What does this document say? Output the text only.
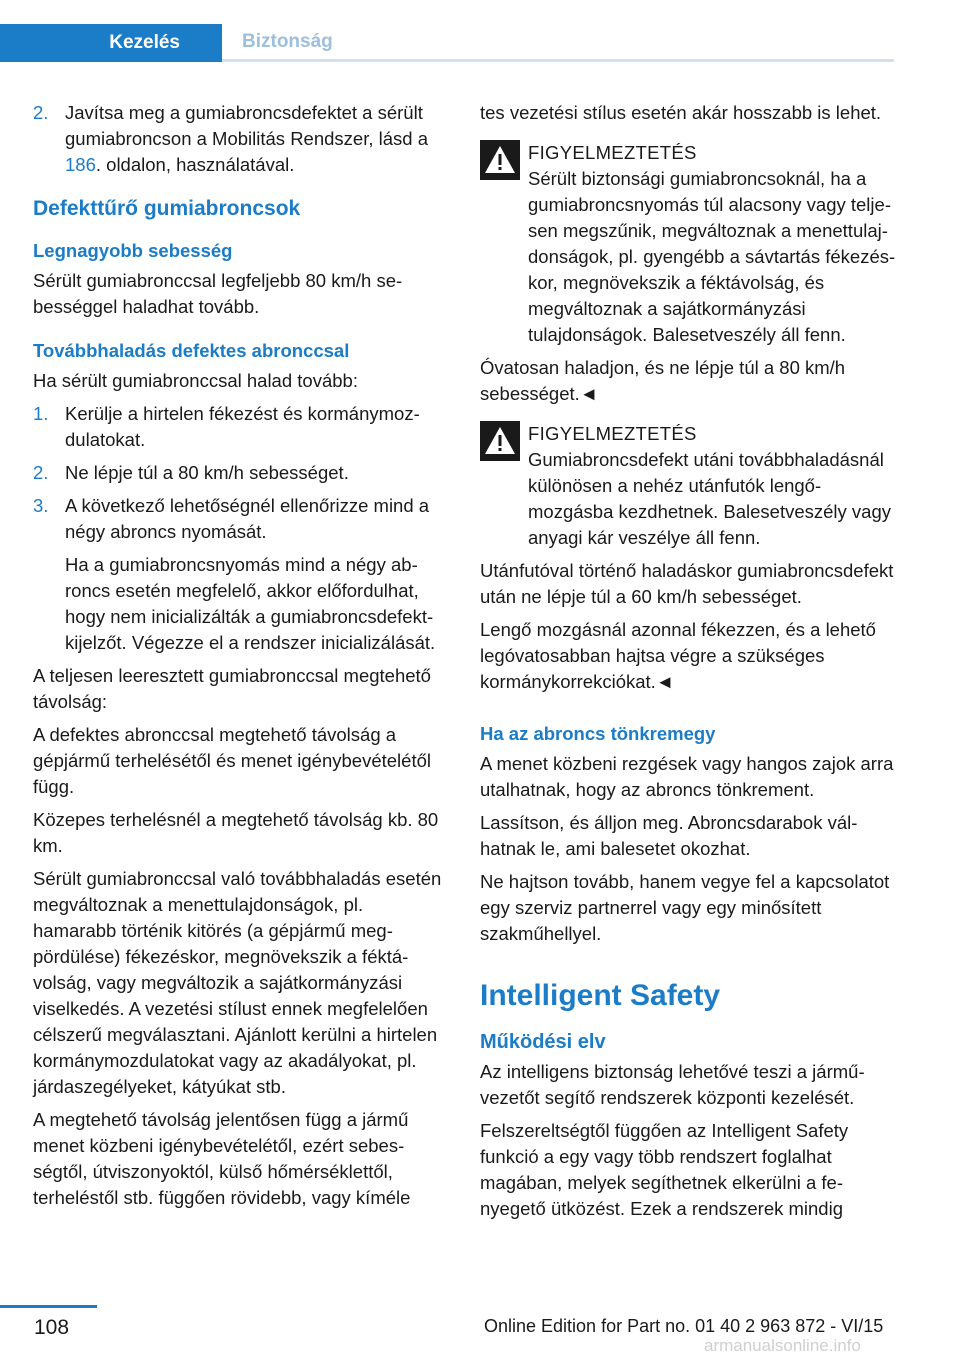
Kezelés	Biztonság
2. Javítsa meg a gumiabroncsdefektet a sérült gumiabroncson a Mobilitás Rendszer, lásd a 186. oldalon, használatával.
Defekttűrő gumiabroncsok
Legnagyobb sebesség

Sérült gumiabronccsal legfeljebb 80 km/h sebességgel haladhat tovább.

Továbbhaladás defektes abronccsal

Ha sérült gumiabronccsal halad tovább:

1. Kerülje a hirtelen fékezést és kormánymozdulatokat.
2. Ne lépje túl a 80 km/h sebességet.
3. A következő lehetőségnél ellenőrizze mind a négy abroncs nyomását.

Ha a gumiabroncsnyomás mind a négy abroncs esetén megfelelő, akkor előfordulhat, hogy nem inicializálták a gumiabroncsdefekt-kijelzőt. Végezze el a rendszer inicializálását.

A teljesen leeresztett gumiabronccsal megtehető távolság:

A defektes abronccsal megtehető távolság a gépjármű terhelésétől és menet igénybevételétől függ.

Közepes terhelésnél a megtehető távolság kb. 80 km.

Sérült gumiabronccsal való továbbhaladás esetén megváltoznak a menettulajdonságok, pl. hamarabb történik kitörés (a gépjármű megpördülése) fékezéskor, megnövekszik a féktávolság, vagy megváltozik a sajátkormányzási viselkedés. A vezetési stílust ennek megfelelően célszerű megválasztani. Ajánlott kerülni a hirtelen kormánymozdulatokat vagy az akadályokat, pl. járdaszegélyeket, kátyúkat stb.

A megtehető távolság jelentősen függ a jármű menet közbeni igénybevételétől, ezért sebességtől, útviszonyoktól, külső hőmérséklettől, terheléstől stb. függően rövidebb, vagy kímélе

tes vezetési stílus esetén akár hosszabb is lehet.

FIGYELMEZTETÉS
Sérült biztonsági gumiabroncsoknál, ha a gumiabroncsnyomás túl alacsony vagy teljesen megszűnik, megváltoznak a menettulajdonságok, pl. gyengébb a sávtartás fékezéskor, megnövekszik a féktávolság, és megváltoznak a sajátkormányzási tulajdonságok. Balesetveszély áll fenn.

Óvatosan haladjon, és ne lépje túl a 80 km/h sebességet.◄

FIGYELMEZTETÉS
Gumiabroncsdefekt utáni továbbhaladásnál különösen a nehéz utánfutók lengőmozgásba kezdhetnek. Balesetveszély vagy anyagi kár veszélye áll fenn.

Utánfutóval történő haladáskor gumiabroncsdefekt után ne lépje túl a 60 km/h sebességet.

Lengő mozgásnál azonnal fékezzen, és a lehető legóvatosabban hajtsa végre a szükséges kormánykorrekciókat.◄

Ha az abroncs tönkremegy

A menet közbeni rezgések vagy hangos zajok arra utalhatnak, hogy az abroncs tönkrement.

Lassítson, és álljon meg. Abroncsdarabok válhatnak le, ami balesetet okozhat.

Ne hajtson tovább, hanem vegye fel a kapcsolatot egy szerviz partnerrel vagy egy minősített szakműhellyel.

Intelligent Safety
Működési elv

Az intelligens biztonság lehetővé teszi a járművezetőt segítő rendszerek központi kezelését.

Felszereltségtől függően az Intelligent Safety funkció a egy vagy több rendszert foglalhat magában, melyek segíthetnek elkerülni a fenyegető ütközést. Ezek a rendszerek mindig

108	Online Edition for Part no. 01 40 2 963 872 - VI/15
armanualsonline.info
